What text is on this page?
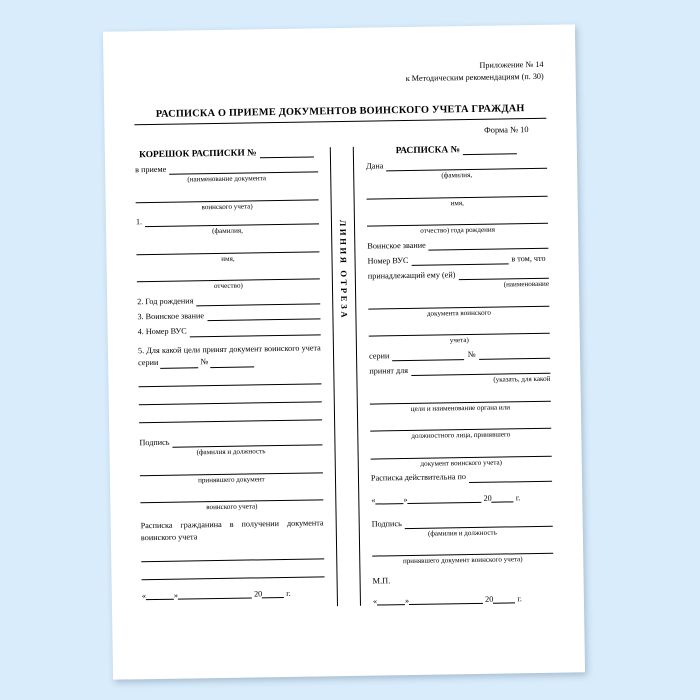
Приложение № 14
к Методическим рекомендациям (п. 30)
РАСПИСКА О ПРИЕМЕ ДОКУМЕНТОВ ВОИНСКОГО УЧЕТА ГРАЖДАН
Форма № 10
КОРЕШОК РАСПИСКИ №
в приеме
(наименование документа
воинского учета)
1.
(фамилия,
имя,
отчество)
2. Год рождения
3. Воинское звание
4. Номер ВУС
5. Для какой цели принят документ воинского учета серии	№
Подпись
(фамилия и должность
принявшего документ
воинского учета)
Расписка гражданина в получении документа воинского учета
«	»	20	г.
ЛИНИЯ ОТРЕЗА
РАСПИСКА №
Дана
(фамилия,
имя,
отчество) года рождения
Воинское звание
Номер ВУС	в том, что
принадлежащий ему (ей)
(наименование
документа воинского
учета)
серии	№
принят для
(указать, для какой
цели и наименование органа или
должностного лица, принявшего
документ воинского учета)
Расписка действительна по
«	»	20	г.
Подпись
(фамилия и должность
принявшего документ воинского учета)
М.П.
«	»	20	г.
